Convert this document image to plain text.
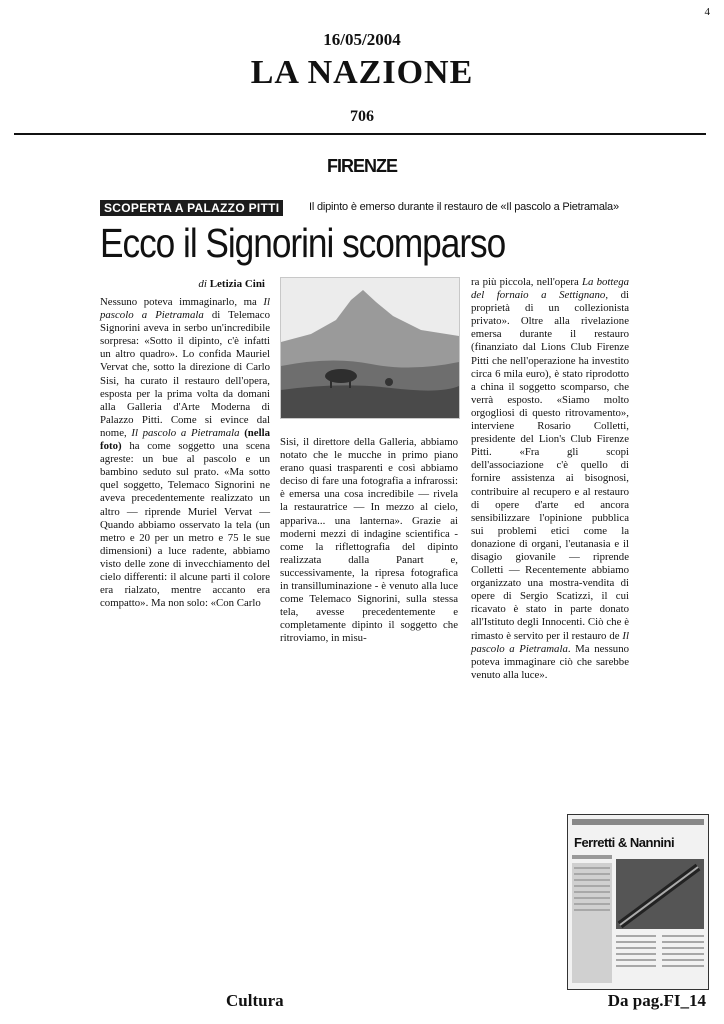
4
16/05/2004
LA NAZIONE
706
FIRENZE
SCOPERTA A PALAZZO PITTI	Il dipinto è emerso durante il restauro de «Il pascolo a Pietramala»
Ecco il Signorini scomparso
di Letizia Cini

Nessuno poteva immaginarlo, ma Il pascolo a Pietramala di Telemaco Signorini aveva in serbo un'incredibile sorpresa: «Sotto il dipinto, c'è infatti un altro quadro». Lo confida Mauriel Vervat che, sotto la direzione di Carlo Sisi, ha curato il restauro dell'opera, esposta per la prima volta da domani alla Galleria d'Arte Moderna di Palazzo Pitti. Come si evince dal nome, Il pascolo a Pietramala (nella foto) ha come soggetto una scena agreste: un bue al pascolo e un bambino seduto sul prato. «Ma sotto quel soggetto, Telemaco Signorini ne aveva precedentemente realizzato un altro — riprende Muriel Vervat — Quando abbiamo osservato la tela (un metro e 20 per un metro e 75 le sue dimensioni) a luce radente, abbiamo visto delle zone di invecchiamento del cielo differenti: il alcune parti il colore era rialzato, mentre accanto era compatto». Ma non solo: «Con Carlo

Sisi, il direttore della Galleria, abbiamo notato che le mucche in primo piano erano quasi trasparenti e così abbiamo deciso di fare una fotografia a infrarossi: è emersa una cosa incredibile — rivela la restauratrice — In mezzo al cielo, appariva... una lanterna». Grazie ai moderni mezzi di indagine scientifica - come la riflettografia del dipinto realizzata dalla Panart e, successivamente, la ripresa fotografica in transilluminazione - è venuto alla luce come Telemaco Signorini, sulla stessa tela, avesse precedentemente e completamente dipinto il soggetto che ritroviamo, in misu-

ra più piccola, nell'opera La bottega del fornaio a Settignano, di proprietà di un collezionista privato». Oltre alla rivelazione emersa durante il restauro (finanziato dal Lions Club Firenze Pitti che nell'operazione ha investito circa 6 mila euro), è stato riprodotto a china il soggetto scomparso, che verrà esposto. «Siamo molto orgogliosi di questo ritrovamento», interviene Rosario Colletti, presidente del Lion's Club Firenze Pitti. «Fra gli scopi dell'associazione c'è quello di fornire assistenza ai bisognosi, contribuire al recupero e al restauro di opere d'arte ed ancora sensibilizzare l'opinione pubblica sui problemi etici come la donazione di organi, l'eutanasia e il disagio giovanile — riprende Colletti — Recentemente abbiamo organizzato una mostra-vendita di opere di Sergio Scatizzi, il cui ricavato è stato in parte donato all'Istituto degli Innocenti. Ciò che è rimasto è servito per il restauro de Il pascolo a Pietramala. Ma nessuno poteva immaginare ciò che sarebbe venuto alla luce».

Ferretti & Nannini
Cultura	Da pag.FI_14
